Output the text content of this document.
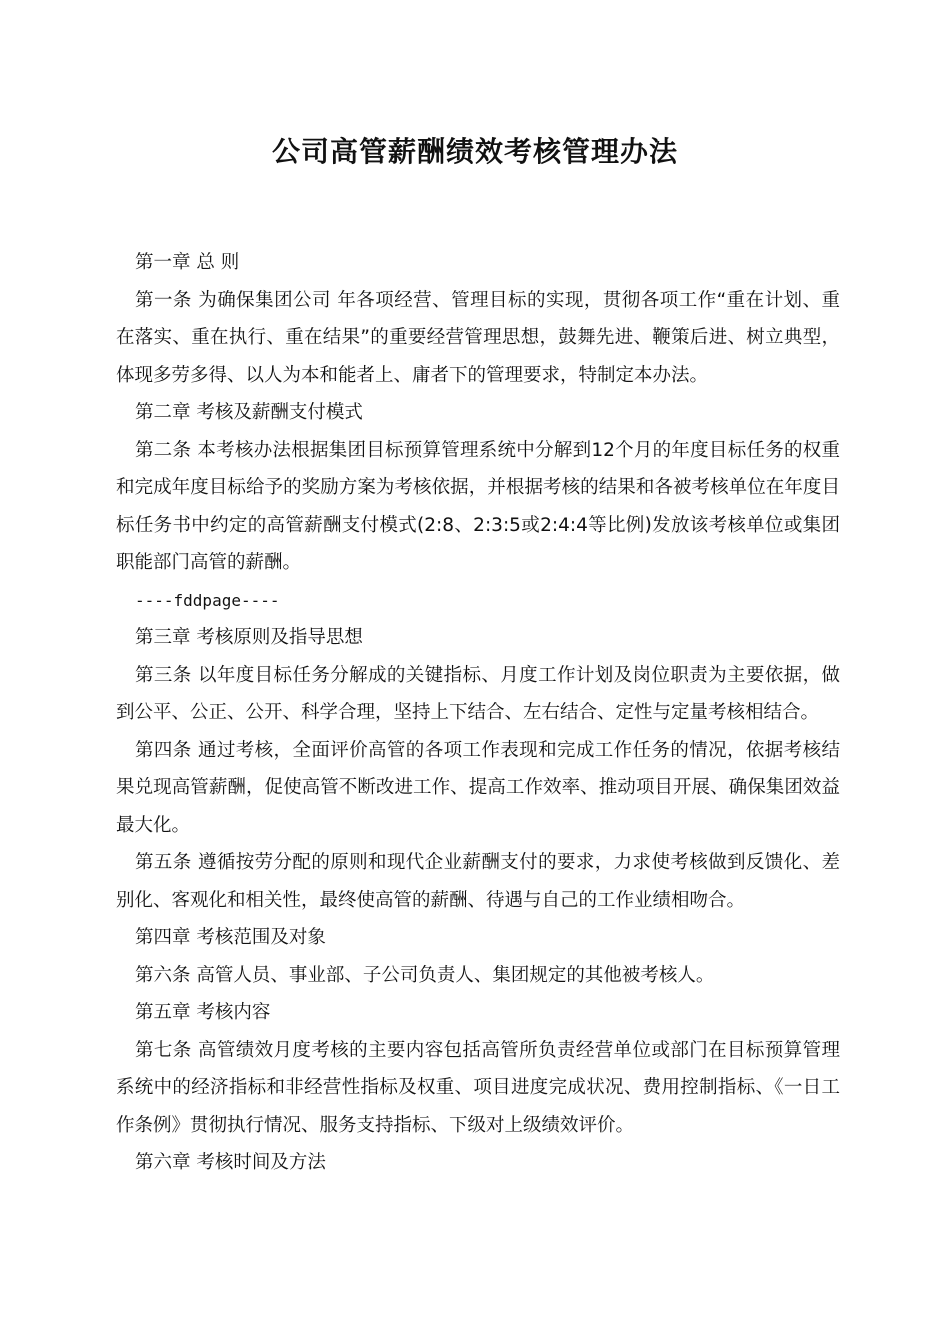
公司高管薪酬绩效考核管理办法

第一章 总 则

第一条 为确保集团公司 年各项经营、管理目标的实现，贯彻各项工作“重在计划、重在落实、重在执行、重在结果”的重要经营管理思想，鼓舞先进、鞭策后进、树立典型，体现多劳多得、以人为本和能者上、庸者下的管理要求，特制定本办法。

第二章 考核及薪酬支付模式

第二条 本考核办法根据集团目标预算管理系统中分解到12个月的年度目标任务的权重和完成年度目标给予的奖励方案为考核依据，并根据考核的结果和各被考核单位在年度目标任务书中约定的高管薪酬支付模式(2:8、2:3:5或2:4:4等比例)发放该考核单位或集团职能部门高管的薪酬。

----fddpage----

第三章 考核原则及指导思想

第三条 以年度目标任务分解成的关键指标、月度工作计划及岗位职责为主要依据，做到公平、公正、公开、科学合理，坚持上下结合、左右结合、定性与定量考核相结合。

第四条 通过考核，全面评价高管的各项工作表现和完成工作任务的情况，依据考核结果兑现高管薪酬，促使高管不断改进工作、提高工作效率、推动项目开展、确保集团效益最大化。

第五条 遵循按劳分配的原则和现代企业薪酬支付的要求，力求使考核做到反馈化、差别化、客观化和相关性，最终使高管的薪酬、待遇与自己的工作业绩相吻合。

第四章 考核范围及对象

第六条 高管人员、事业部、子公司负责人、集团规定的其他被考核人。

第五章 考核内容

第七条 高管绩效月度考核的主要内容包括高管所负责经营单位或部门在目标预算管理系统中的经济指标和非经营性指标及权重、项目进度完成状况、费用控制指标、《一日工作条例》贯彻执行情况、服务支持指标、下级对上级绩效评价。

第六章 考核时间及方法
